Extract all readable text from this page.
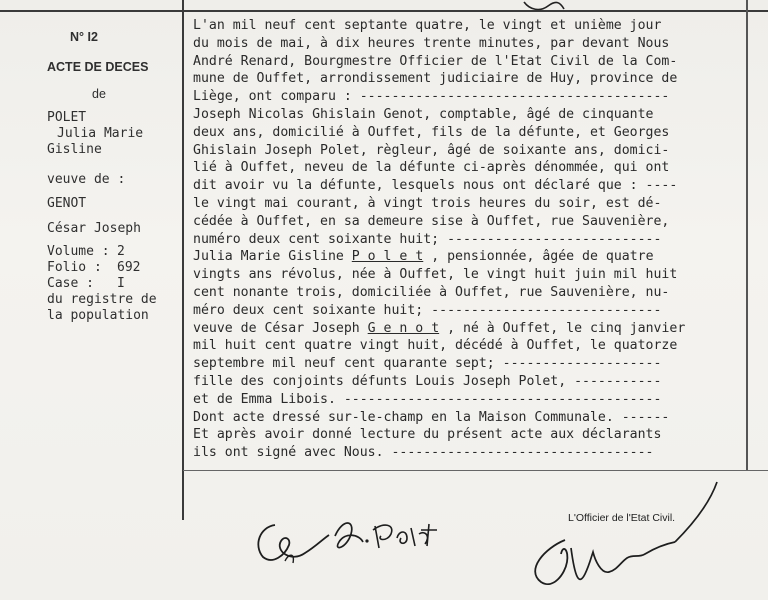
N° I2
ACTE DE DECES
de
POLET
Julia Marie
Gisline
veuve de :
GENOT
César Joseph
Volume : 2
Folio : 692
Case : I
du registre de
la population
L'an mil neuf cent septante quatre, le vingt et unième jour
du mois de mai, à dix heures trente minutes, par devant Nous
André Renard, Bourgmestre Officier de l'Etat Civil de la Com-
mune de Ouffet, arrondissement judiciaire de Huy, province de
Liège, ont comparu : ---------------------------------------
Joseph Nicolas Ghislain Genot, comptable, âgé de cinquante
deux ans, domicilié à Ouffet, fils de la défunte, et Georges
Ghislain Joseph Polet, règleur, âgé de soixante ans, domici-
lié à Ouffet, neveu de la défunte ci-après dénommée, qui ont
dit avoir vu la défunte, lesquels nous ont déclaré que : ----
le vingt mai courant, à vingt trois heures du soir, est dé-
cédée à Ouffet, en sa demeure sise à Ouffet, rue Sauvenière,
numéro deux cent soixante huit; ---------------------------
Julia Marie Gisline P o l e t , pensionnée, âgée de quatre
vingts ans révolus, née à Ouffet, le vingt huit juin mil huit
cent nonante trois, domiciliée à Ouffet, rue Sauvenière, nu-
méro deux cent soixante huit; -----------------------------
veuve de César Joseph G e n o t , né à Ouffet, le cinq janvier
mil huit cent quatre vingt huit, décédé à Ouffet, le quatorze
septembre mil neuf cent quarante sept; --------------------
fille des conjoints défunts Louis Joseph Polet, -----------
et de Emma Libois. ----------------------------------------
Dont acte dressé sur-le-champ en la Maison Communale. ------
Et après avoir donné lecture du présent acte aux déclarants
ils ont signé avec Nous. ---------------------------------
L'Officier de l'Etat Civil.
